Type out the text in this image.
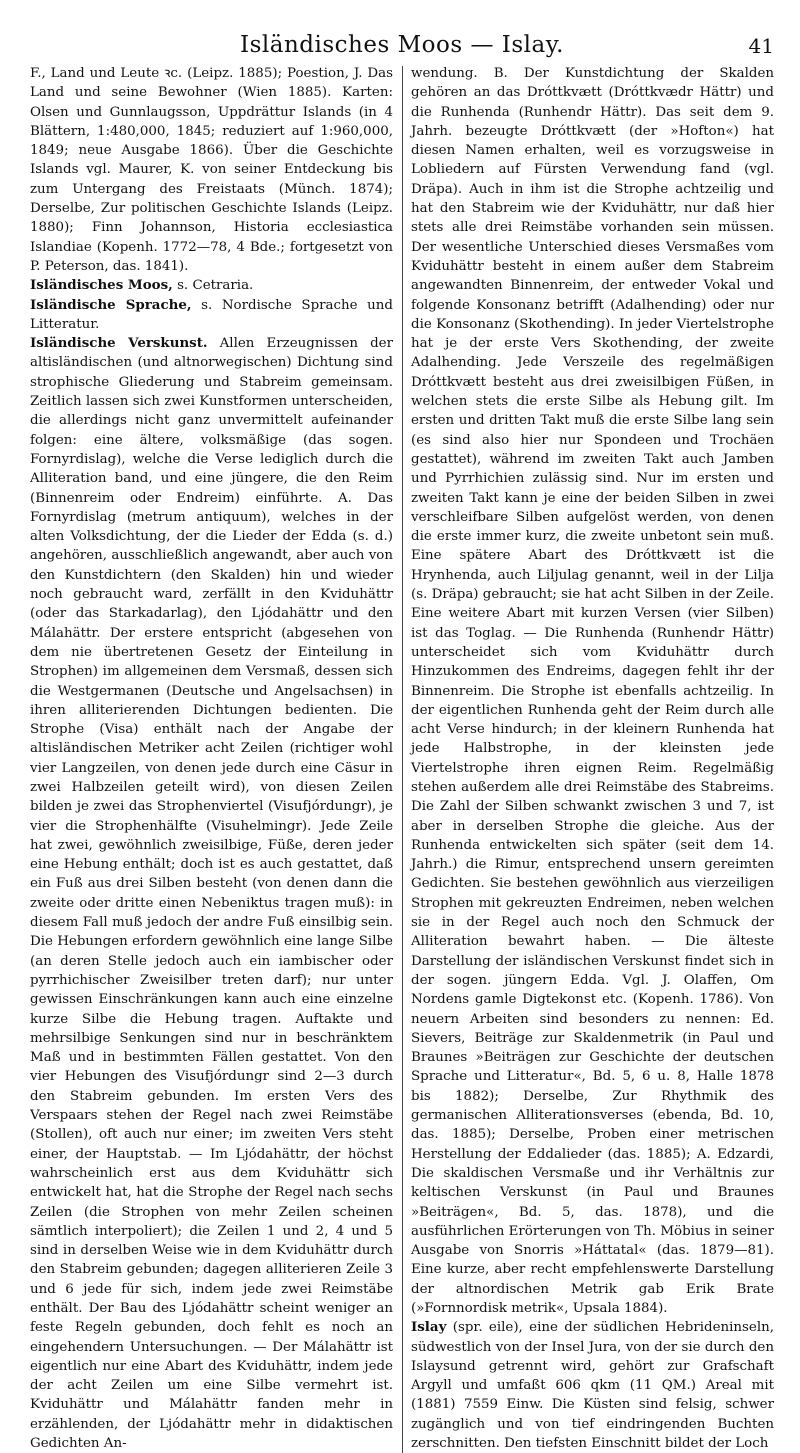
Isländisches Moos — Islay.	41

F., Land und Leute ꝛc. (Leipz. 1885); Poestion, J. Das Land und seine Bewohner (Wien 1885). Karten: Olsen und Gunnlaugsson, Uppdrättur Islands (in 4 Blättern, 1:480,000, 1845; reduziert auf 1:960,000, 1849; neue Ausgabe 1866). Über die Geschichte Islands vgl. Maurer, K. von seiner Entdeckung bis zum Untergang des Freistaats (Münch. 1874); Derselbe, Zur politischen Geschichte Islands (Leipz. 1880); Finn Johannson, Historia ecclesiastica Islandiae (Kopenh. 1772—78, 4 Bde.; fortgesetzt von P. Peterson, das. 1841).

Isländisches Moos, s. Cetraria.

Isländische Sprache, s. Nordische Sprache und Litteratur.

Isländische Verskunst. Allen Erzeugnissen der altisländischen (und altnorwegischen) Dichtung sind strophische Gliederung und Stabreim gemeinsam. Zeitlich lassen sich zwei Kunstformen unterscheiden, die allerdings nicht ganz unvermittelt aufeinander folgen: eine ältere, volksmäßige (das sogen. Fornyrdislag), welche die Verse lediglich durch die Alliteration band, und eine jüngere, die den Reim (Binnenreim oder Endreim) einführte. A. Das Fornyrdislag (metrum antiquum), welches in der alten Volksdichtung, der die Lieder der Edda (s. d.) angehören, ausschließlich angewandt, aber auch von den Kunstdichtern (den Skalden) hin und wieder noch gebraucht ward, zerfällt in den Kviduhättr (oder das Starkadarlag), den Ljódahättr und den Málahättr. Der erstere entspricht (abgesehen von dem nie übertretenen Gesetz der Einteilung in Strophen) im allgemeinen dem Versmaß, dessen sich die Westgermanen (Deutsche und Angelsachsen) in ihren alliterierenden Dichtungen bedienten. Die Strophe (Visa) enthält nach der Angabe der altisländischen Metriker acht Zeilen (richtiger wohl vier Langzeilen, von denen jede durch eine Cäsur in zwei Halbzeilen geteilt wird), von diesen Zeilen bilden je zwei das Strophenviertel (Visufjórdungr), je vier die Strophenhälfte (Visuhelmingr). Jede Zeile hat zwei, gewöhnlich zweisilbige, Füße, deren jeder eine Hebung enthält; doch ist es auch gestattet, daß ein Fuß aus drei Silben besteht (von denen dann die zweite oder dritte einen Nebeniktus tragen muß): in diesem Fall muß jedoch der andre Fuß einsilbig sein. Die Hebungen erfordern gewöhnlich eine lange Silbe (an deren Stelle jedoch auch ein iambischer oder pyrrhichischer Zweisilber treten darf); nur unter gewissen Einschränkungen kann auch eine einzelne kurze Silbe die Hebung tragen. Auftakte und mehrsilbige Senkungen sind nur in beschränktem Maß und in bestimmten Fällen gestattet. Von den vier Hebungen des Visufjórdungr sind 2—3 durch den Stabreim gebunden. Im ersten Vers des Verspaars stehen der Regel nach zwei Reimstäbe (Stollen), oft auch nur einer; im zweiten Vers steht einer, der Hauptstab. — Im Ljódahättr, der höchst wahrscheinlich erst aus dem Kviduhättr sich entwickelt hat, hat die Strophe der Regel nach sechs Zeilen (die Strophen von mehr Zeilen scheinen sämtlich interpoliert); die Zeilen 1 und 2, 4 und 5 sind in derselben Weise wie in dem Kviduhättr durch den Stabreim gebunden; dagegen alliterieren Zeile 3 und 6 jede für sich, indem jede zwei Reimstäbe enthält. Der Bau des Ljódahättr scheint weniger an feste Regeln gebunden, doch fehlt es noch an eingehendern Untersuchungen. — Der Málahättr ist eigentlich nur eine Abart des Kviduhättr, indem jede der acht Zeilen um eine Silbe vermehrt ist. Kviduhättr und Málahättr fanden mehr in erzählenden, der Ljódahättr mehr in didaktischen Gedichten An-

wendung. B. Der Kunstdichtung der Skalden gehören an das Dróttkvætt (Dróttkvædr Hättr) und die Runhenda (Runhendr Hättr). Das seit dem 9. Jahrh. bezeugte Dróttkvætt (der »Hofton«) hat diesen Namen erhalten, weil es vorzugsweise in Lobliedern auf Fürsten Verwendung fand (vgl. Dräpa). Auch in ihm ist die Strophe achtzeilig und hat den Stabreim wie der Kviduhättr, nur daß hier stets alle drei Reimstäbe vorhanden sein müssen. Der wesentliche Unterschied dieses Versmaßes vom Kviduhättr besteht in einem außer dem Stabreim angewandten Binnenreim, der entweder Vokal und folgende Konsonanz betrifft (Adalhending) oder nur die Konsonanz (Skothending). In jeder Viertelstrophe hat je der erste Vers Skothending, der zweite Adalhending. Jede Verszeile des regelmäßigen Dróttkvætt besteht aus drei zweisilbigen Füßen, in welchen stets die erste Silbe als Hebung gilt. Im ersten und dritten Takt muß die erste Silbe lang sein (es sind also hier nur Spondeen und Trochäen gestattet), während im zweiten Takt auch Jamben und Pyrrhichien zulässig sind. Nur im ersten und zweiten Takt kann je eine der beiden Silben in zwei verschleifbare Silben aufgelöst werden, von denen die erste immer kurz, die zweite unbetont sein muß. Eine spätere Abart des Dróttkvætt ist die Hrynhenda, auch Liljulag genannt, weil in der Lilja (s. Dräpa) gebraucht; sie hat acht Silben in der Zeile. Eine weitere Abart mit kurzen Versen (vier Silben) ist das Toglag. — Die Runhenda (Runhendr Hättr) unterscheidet sich vom Kviduhättr durch Hinzukommen des Endreims, dagegen fehlt ihr der Binnenreim. Die Strophe ist ebenfalls achtzeilig. In der eigentlichen Runhenda geht der Reim durch alle acht Verse hindurch; in der kleinern Runhenda hat jede Halbstrophe, in der kleinsten jede Viertelstrophe ihren eignen Reim. Regelmäßig stehen außerdem alle drei Reimstäbe des Stabreims. Die Zahl der Silben schwankt zwischen 3 und 7, ist aber in derselben Strophe die gleiche. Aus der Runhenda entwickelten sich später (seit dem 14. Jahrh.) die Rimur, entsprechend unsern gereimten Gedichten. Sie bestehen gewöhnlich aus vierzeiligen Strophen mit gekreuzten Endreimen, neben welchen sie in der Regel auch noch den Schmuck der Alliteration bewahrt haben. — Die älteste Darstellung der isländischen Verskunst findet sich in der sogen. jüngern Edda. Vgl. J. Olaffen, Om Nordens gamle Digtekonst etc. (Kopenh. 1786). Von neuern Arbeiten sind besonders zu nennen: Ed. Sievers, Beiträge zur Skaldenmetrik (in Paul und Braunes »Beiträgen zur Geschichte der deutschen Sprache und Litteratur«, Bd. 5, 6 u. 8, Halle 1878 bis 1882); Derselbe, Zur Rhythmik des germanischen Alliterationsverses (ebenda, Bd. 10, das. 1885); Derselbe, Proben einer metrischen Herstellung der Eddalieder (das. 1885); A. Edzardi, Die skaldischen Versmaße und ihr Verhältnis zur keltischen Verskunst (in Paul und Braunes »Beiträgen«, Bd. 5, das. 1878), und die ausführlichen Erörterungen von Th. Möbius in seiner Ausgabe von Snorris »Háttatal« (das. 1879—81). Eine kurze, aber recht empfehlenswerte Darstellung der altnordischen Metrik gab Erik Brate (»Fornnordisk metrik«, Upsala 1884).

Islay (spr. eile), eine der südlichen Hebrideninseln, südwestlich von der Insel Jura, von der sie durch den Islaysund getrennt wird, gehört zur Grafschaft Argyll und umfaßt 606 qkm (11 QM.) Areal mit (1881) 7559 Einw. Die Küsten sind felsig, schwer zugänglich und von tief eindringenden Buchten zerschnitten. Den tiefsten Einschnitt bildet der Loch
